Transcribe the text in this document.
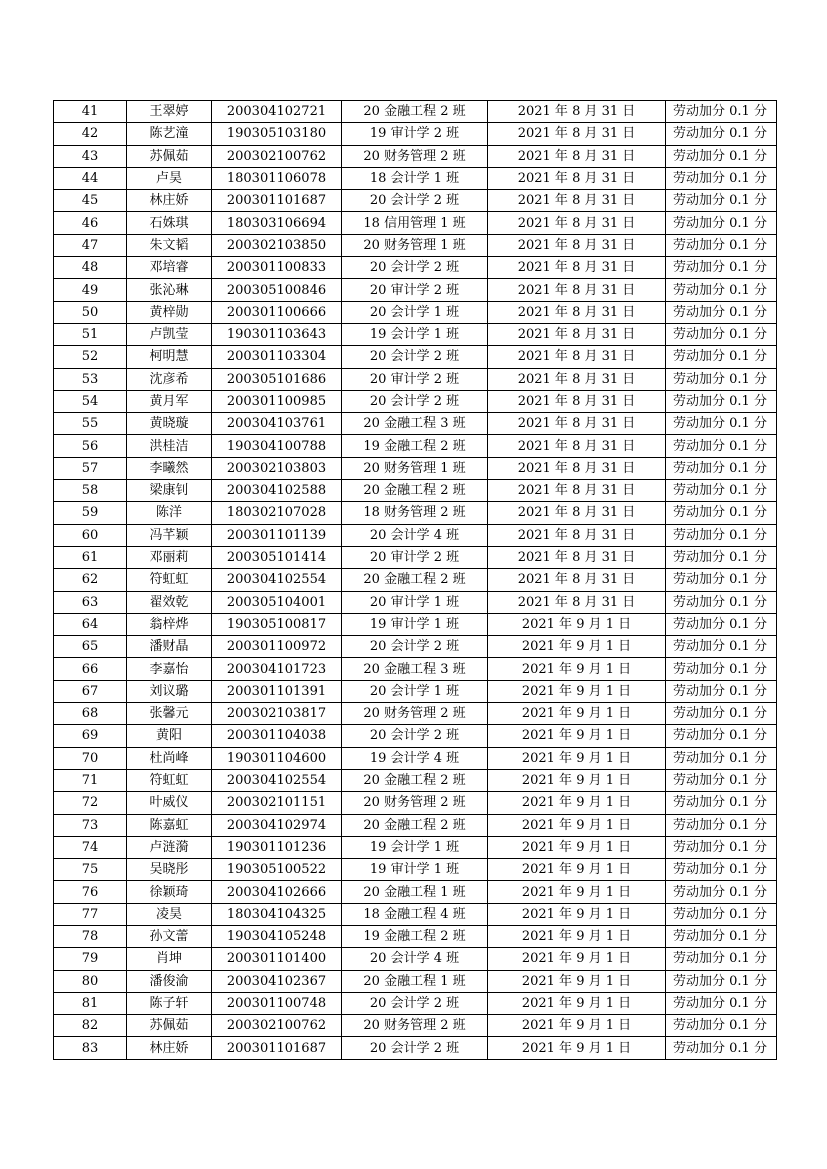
41	王翠婷	200304102721	20 金融工程 2 班	2021 年 8 月 31 日	劳动加分 0.1 分
42	陈艺潼	190305103180	19 审计学 2 班	2021 年 8 月 31 日	劳动加分 0.1 分
43	苏佩茹	200302100762	20 财务管理 2 班	2021 年 8 月 31 日	劳动加分 0.1 分
44	卢昊	180301106078	18 会计学 1 班	2021 年 8 月 31 日	劳动加分 0.1 分
45	林庄娇	200301101687	20 会计学 2 班	2021 年 8 月 31 日	劳动加分 0.1 分
46	石姝琪	180303106694	18 信用管理 1 班	2021 年 8 月 31 日	劳动加分 0.1 分
47	朱文韬	200302103850	20 财务管理 1 班	2021 年 8 月 31 日	劳动加分 0.1 分
48	邓培睿	200301100833	20 会计学 2 班	2021 年 8 月 31 日	劳动加分 0.1 分
49	张沁琳	200305100846	20 审计学 2 班	2021 年 8 月 31 日	劳动加分 0.1 分
50	黄梓勋	200301100666	20 会计学 1 班	2021 年 8 月 31 日	劳动加分 0.1 分
51	卢凯莹	190301103643	19 会计学 1 班	2021 年 8 月 31 日	劳动加分 0.1 分
52	柯明慧	200301103304	20 会计学 2 班	2021 年 8 月 31 日	劳动加分 0.1 分
53	沈彦希	200305101686	20 审计学 2 班	2021 年 8 月 31 日	劳动加分 0.1 分
54	黄月军	200301100985	20 会计学 2 班	2021 年 8 月 31 日	劳动加分 0.1 分
55	黄晓璇	200304103761	20 金融工程 3 班	2021 年 8 月 31 日	劳动加分 0.1 分
56	洪桂洁	190304100788	19 金融工程 2 班	2021 年 8 月 31 日	劳动加分 0.1 分
57	李曦然	200302103803	20 财务管理 1 班	2021 年 8 月 31 日	劳动加分 0.1 分
58	梁康钊	200304102588	20 金融工程 2 班	2021 年 8 月 31 日	劳动加分 0.1 分
59	陈洋	180302107028	18 财务管理 2 班	2021 年 8 月 31 日	劳动加分 0.1 分
60	冯芊颖	200301101139	20 会计学 4 班	2021 年 8 月 31 日	劳动加分 0.1 分
61	邓丽莉	200305101414	20 审计学 2 班	2021 年 8 月 31 日	劳动加分 0.1 分
62	符虹虹	200304102554	20 金融工程 2 班	2021 年 8 月 31 日	劳动加分 0.1 分
63	翟效乾	200305104001	20 审计学 1 班	2021 年 8 月 31 日	劳动加分 0.1 分
64	翁梓烨	190305100817	19 审计学 1 班	2021 年 9 月 1 日	劳动加分 0.1 分
65	潘财晶	200301100972	20 会计学 2 班	2021 年 9 月 1 日	劳动加分 0.1 分
66	李嘉怡	200304101723	20 金融工程 3 班	2021 年 9 月 1 日	劳动加分 0.1 分
67	刘议璐	200301101391	20 会计学 1 班	2021 年 9 月 1 日	劳动加分 0.1 分
68	张馨元	200302103817	20 财务管理 2 班	2021 年 9 月 1 日	劳动加分 0.1 分
69	黄阳	200301104038	20 会计学 2 班	2021 年 9 月 1 日	劳动加分 0.1 分
70	杜尚峰	190301104600	19 会计学 4 班	2021 年 9 月 1 日	劳动加分 0.1 分
71	符虹虹	200304102554	20 金融工程 2 班	2021 年 9 月 1 日	劳动加分 0.1 分
72	叶威仪	200302101151	20 财务管理 2 班	2021 年 9 月 1 日	劳动加分 0.1 分
73	陈嘉虹	200304102974	20 金融工程 2 班	2021 年 9 月 1 日	劳动加分 0.1 分
74	卢涟漪	190301101236	19 会计学 1 班	2021 年 9 月 1 日	劳动加分 0.1 分
75	吴晓彤	190305100522	19 审计学 1 班	2021 年 9 月 1 日	劳动加分 0.1 分
76	徐颖琦	200304102666	20 金融工程 1 班	2021 年 9 月 1 日	劳动加分 0.1 分
77	凌昊	180304104325	18 金融工程 4 班	2021 年 9 月 1 日	劳动加分 0.1 分
78	孙文蕾	190304105248	19 金融工程 2 班	2021 年 9 月 1 日	劳动加分 0.1 分
79	肖坤	200301101400	20 会计学 4 班	2021 年 9 月 1 日	劳动加分 0.1 分
80	潘俊渝	200304102367	20 金融工程 1 班	2021 年 9 月 1 日	劳动加分 0.1 分
81	陈子轩	200301100748	20 会计学 2 班	2021 年 9 月 1 日	劳动加分 0.1 分
82	苏佩茹	200302100762	20 财务管理 2 班	2021 年 9 月 1 日	劳动加分 0.1 分
83	林庄娇	200301101687	20 会计学 2 班	2021 年 9 月 1 日	劳动加分 0.1 分
